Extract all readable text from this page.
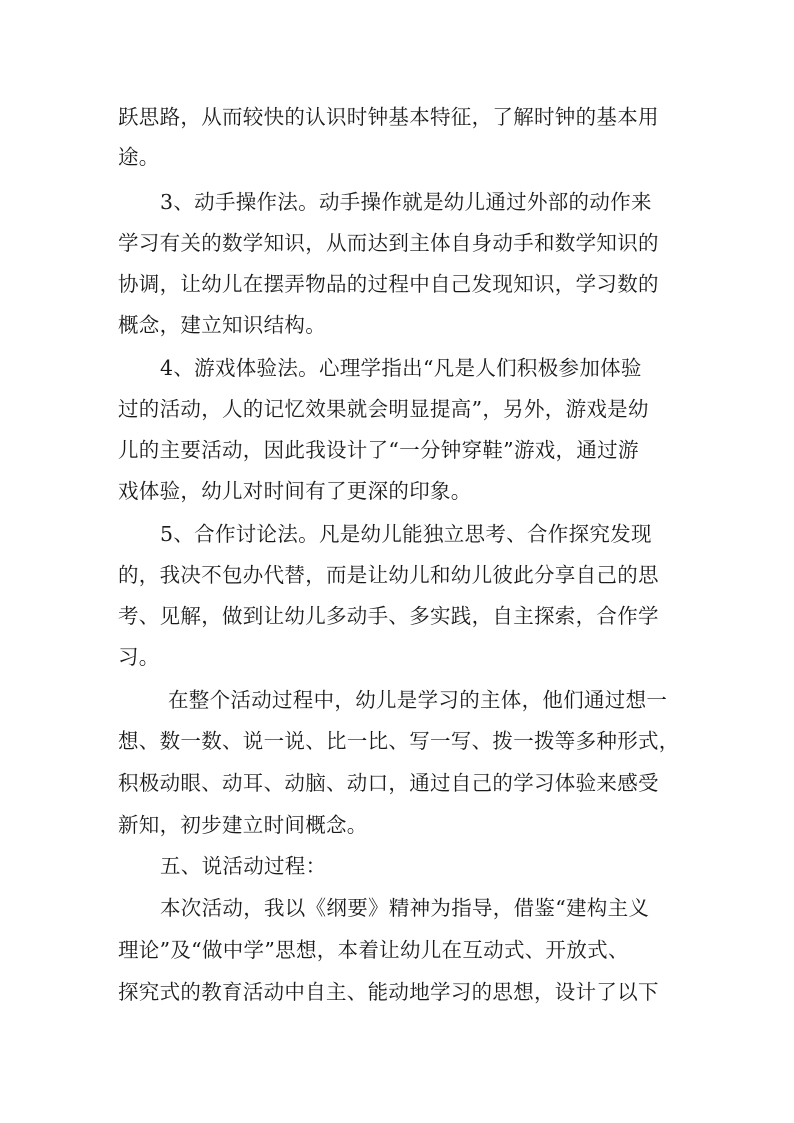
跃思路，从而较快的认识时钟基本特征，了解时钟的基本用

途。

3、动手操作法。动手操作就是幼儿通过外部的动作来

学习有关的数学知识，从而达到主体自身动手和数学知识的

协调，让幼儿在摆弄物品的过程中自己发现知识，学习数的

概念，建立知识结构。

4、游戏体验法。心理学指出“凡是人们积极参加体验

过的活动，人的记忆效果就会明显提高”，另外，游戏是幼

儿的主要活动，因此我设计了“一分钟穿鞋”游戏，通过游

戏体验，幼儿对时间有了更深的印象。

5、合作讨论法。凡是幼儿能独立思考、合作探究发现

的，我决不包办代替，而是让幼儿和幼儿彼此分享自己的思

考、见解，做到让幼儿多动手、多实践，自主探索，合作学

习。

在整个活动过程中，幼儿是学习的主体，他们通过想一

想、数一数、说一说、比一比、写一写、拨一拨等多种形式，

积极动眼、动耳、动脑、动口，通过自己的学习体验来感受

新知，初步建立时间概念。

五、说活动过程：

本次活动，我以《纲要》精神为指导，借鉴“建构主义

理论”及“做中学”思想，本着让幼儿在互动式、开放式、

探究式的教育活动中自主、能动地学习的思想，设计了以下
